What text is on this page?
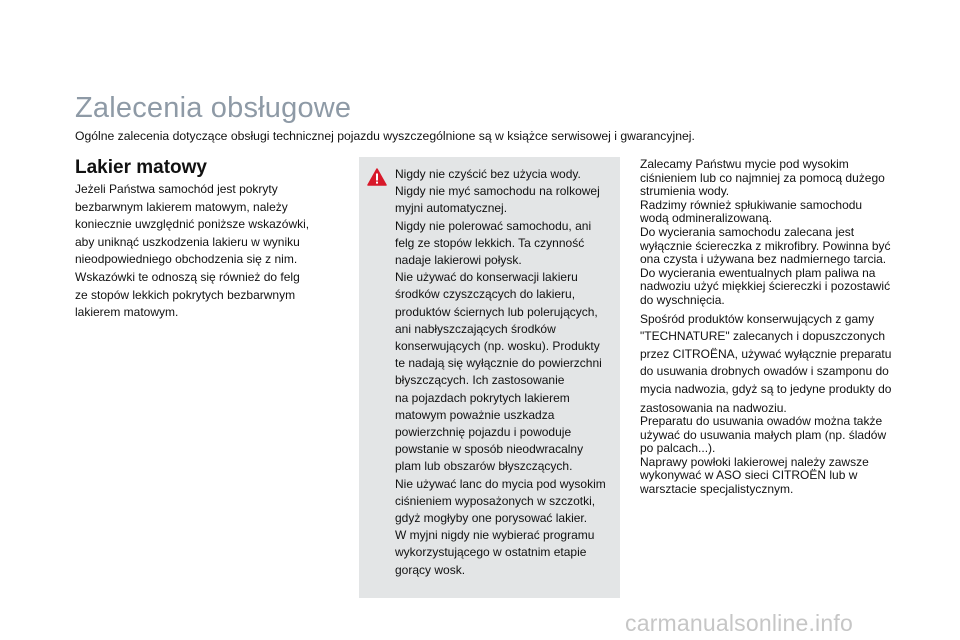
Zalecenia obsługowe
Ogólne zalecenia dotyczące obsługi technicznej pojazdu wyszczególnione są w książce serwisowej i gwarancyjnej.
Lakier matowy

Jeżeli Państwa samochód jest pokryty

bezbarwnym lakierem matowym, należy

koniecznie uwzględnić poniższe wskazówki,

aby uniknąć uszkodzenia lakieru w wyniku

nieodpowiedniego obchodzenia się z nim.

Wskazówki te odnoszą się również do felg

ze stopów lekkich pokrytych bezbarwnym

lakierem matowym.

Nigdy nie czyścić bez użycia wody.

Nigdy nie myć samochodu na rolkowej

myjni automatycznej.

Nigdy nie polerować samochodu, ani

felg ze stopów lekkich. Ta czynność

nadaje lakierowi połysk.

Nie używać do konserwacji lakieru

środków czyszczących do lakieru,

produktów ściernych lub polerujących,

ani nabłyszczających środków

konserwujących (np. wosku). Produkty

te nadają się wyłącznie do powierzchni

błyszczących. Ich zastosowanie

na pojazdach pokrytych lakierem

matowym poważnie uszkadza

powierzchnię pojazdu i powoduje

powstanie w sposób nieodwracalny

plam lub obszarów błyszczących.

Nie używać lanc do mycia pod wysokim

ciśnieniem wyposażonych w szczotki,

gdyż mogłyby one porysować lakier.

W myjni nigdy nie wybierać programu

wykorzystującego w ostatnim etapie

gorący wosk.

Zalecamy Państwu mycie pod wysokim

ciśnieniem lub co najmniej za pomocą dużego

strumienia wody.

Radzimy również spłukiwanie samochodu

wodą odmineralizowaną.

Do wycierania samochodu zalecana jest

wyłącznie ściereczka z mikrofibry. Powinna być

ona czysta i używana bez nadmiernego tarcia.

Do wycierania ewentualnych plam paliwa na

nadwoziu użyć miękkiej ściereczki i pozostawić

do wyschnięcia.

Spośród produktów konserwujących z gamy

"TECHNATURE" zalecanych i dopuszczonych

przez CITROËNA, używać wyłącznie preparatu

do usuwania drobnych owadów i szamponu do

mycia nadwozia, gdyż są to jedyne produkty do

zastosowania na nadwoziu.

Preparatu do usuwania owadów można także

używać do usuwania małych plam (np. śladów

po palcach...).

Naprawy powłoki lakierowej należy zawsze

wykonywać w ASO sieci CITROËN lub w

warsztacie specjalistycznym.

carmanualsonline.info
